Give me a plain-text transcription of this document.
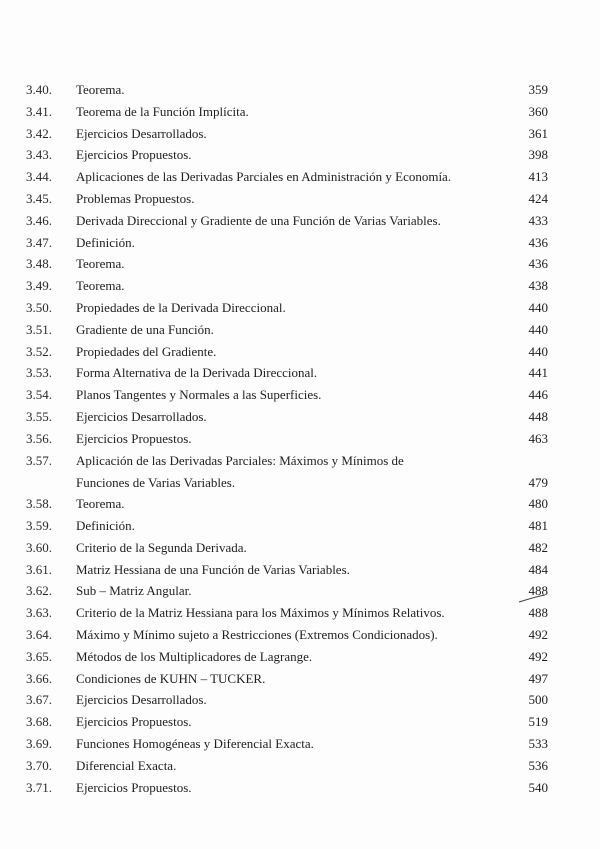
3.40.	Teorema.	359
3.41.	Teorema de la Función Implícita.	360
3.42.	Ejercicios Desarrollados.	361
3.43.	Ejercicios Propuestos.	398
3.44.	Aplicaciones de las Derivadas Parciales en Administración y Economía.	413
3.45.	Problemas Propuestos.	424
3.46.	Derivada Direccional y Gradiente de una Función de Varias Variables.	433
3.47.	Definición.	436
3.48.	Teorema.	436
3.49.	Teorema.	438
3.50.	Propiedades de la Derivada Direccional.	440
3.51.	Gradiente de una Función.	440
3.52.	Propiedades del Gradiente.	440
3.53.	Forma Alternativa de la Derivada Direccional.	441
3.54.	Planos Tangentes y Normales a las Superficies.	446
3.55.	Ejercicios Desarrollados.	448
3.56.	Ejercicios Propuestos.	463
3.57.	Aplicación de las Derivadas Parciales: Máximos y Mínimos de Funciones de Varias Variables.	479
3.58.	Teorema.	480
3.59.	Definición.	481
3.60.	Criterio de la Segunda Derivada.	482
3.61.	Matriz Hessiana de una Función de Varias Variables.	484
3.62.	Sub – Matriz Angular.	488
3.63.	Criterio de la Matriz Hessiana para los Máximos y Mínimos Relativos.	488
3.64.	Máximo y Mínimo sujeto a Restricciones (Extremos Condicionados).	492
3.65.	Métodos de los Multiplicadores de Lagrange.	492
3.66.	Condiciones de KUHN – TUCKER.	497
3.67.	Ejercicios Desarrollados.	500
3.68.	Ejercicios Propuestos.	519
3.69.	Funciones Homogéneas y Diferencial Exacta.	533
3.70.	Diferencial Exacta.	536
3.71.	Ejercicios Propuestos.	540
